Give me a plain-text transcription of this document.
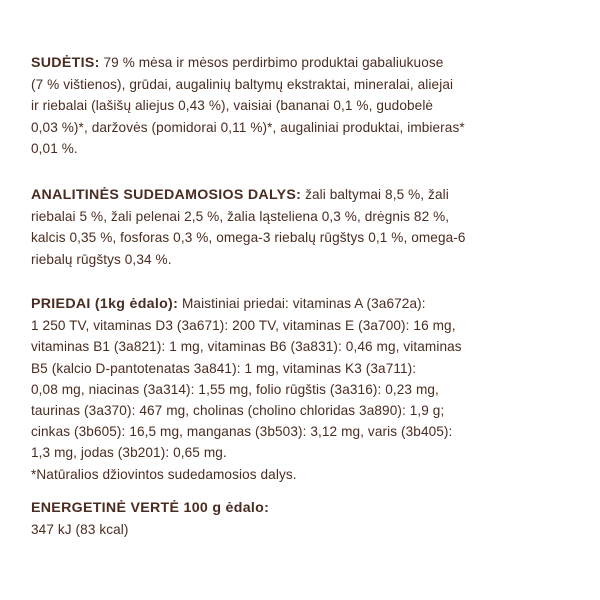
SUDĖTIS: 79 % mėsa ir mėsos perdirbimo produktai gabaliukuose
(7 % vištienos), grūdai, augalinių baltymų ekstraktai, mineralai, aliejai
ir riebalai (lašišų aliejus 0,43 %), vaisiai (bananai 0,1 %, gudobelė
0,03 %)*, daržovės (pomidorai 0,11 %)*, augaliniai produktai, imbieras*
0,01 %.
ANALITINĖS SUDEDAMOSIOS DALYS: žali baltymai 8,5 %, žali
riebalai 5 %, žali pelenai 2,5 %, žalia ląsteliena 0,3 %, drėgnis 82 %,
kalcis 0,35 %, fosforas 0,3 %, omega-3 riebalų rūgštys 0,1 %, omega-6
riebalų rūgštys 0,34 %.
PRIEDAI (1kg ėdalo): Maistiniai priedai: vitaminas A (3a672a):
1 250 TV, vitaminas D3 (3a671): 200 TV, vitaminas E (3a700): 16 mg,
vitaminas B1 (3a821): 1 mg, vitaminas B6 (3a831): 0,46 mg, vitaminas
B5 (kalcio D-pantotenatas 3a841): 1 mg, vitaminas K3 (3a711):
0,08 mg, niacinas (3a314): 1,55 mg, folio rūgštis (3a316): 0,23 mg,
taurinas (3a370): 467 mg, cholinas (cholino chloridas 3a890): 1,9 g;
cinkas (3b605): 16,5 mg, manganas (3b503): 3,12 mg, varis (3b405):
1,3 mg, jodas (3b201): 0,65 mg.
*Natūralios džiovintos sudedamosios dalys.
ENERGETINĖ VERTĖ 100 g ėdalo:
347 kJ (83 kcal)
